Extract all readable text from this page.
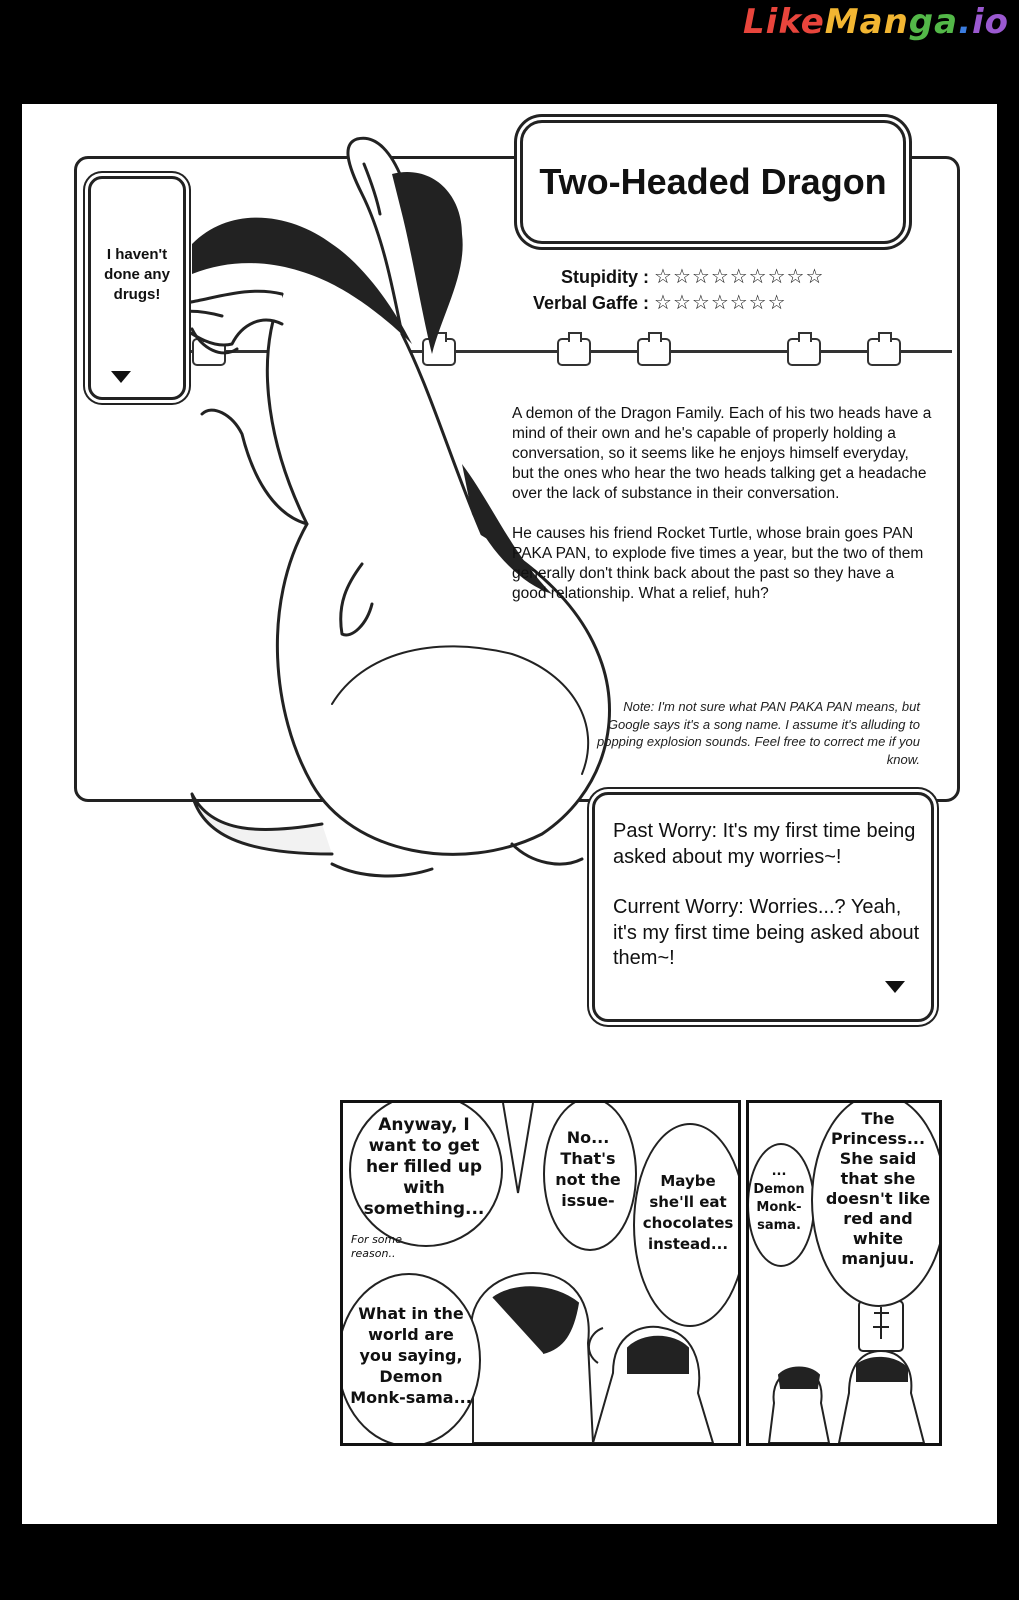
LikeManga.io
I haven't done any drugs!
Two-Headed Dragon
Stupidity : ☆☆☆☆☆☆☆☆☆
Verbal Gaffe : ☆☆☆☆☆☆☆

A demon of the Dragon Family. Each of his two heads have a mind of their own and he's capable of properly holding a conversation, so it seems like he enjoys himself everyday, but the ones who hear the two heads talking get a headache over the lack of substance in their conversation.

He causes his friend Rocket Turtle, whose brain goes PAN PAKA PAN, to explode five times a year, but the two of them generally don't think back about the past so they have a good relationship. What a relief, huh?

Note: I'm not sure what PAN PAKA PAN means, but Google says it's a song name. I assume it's alluding to popping explosion sounds. Feel free to correct me if you know.

Past Worry: It's my first time being asked about my worries~!

Current Worry: Worries...? Yeah, it's my first time being asked about them~!

Anyway, I want to get her filled up with something...
For some reason..
No... That's not the issue-
Maybe she'll eat chocolates instead...
What in the world are you saying, Demon Monk-sama...
... Demon Monk-sama.
The Princess... She said that she doesn't like red and white manjuu.
